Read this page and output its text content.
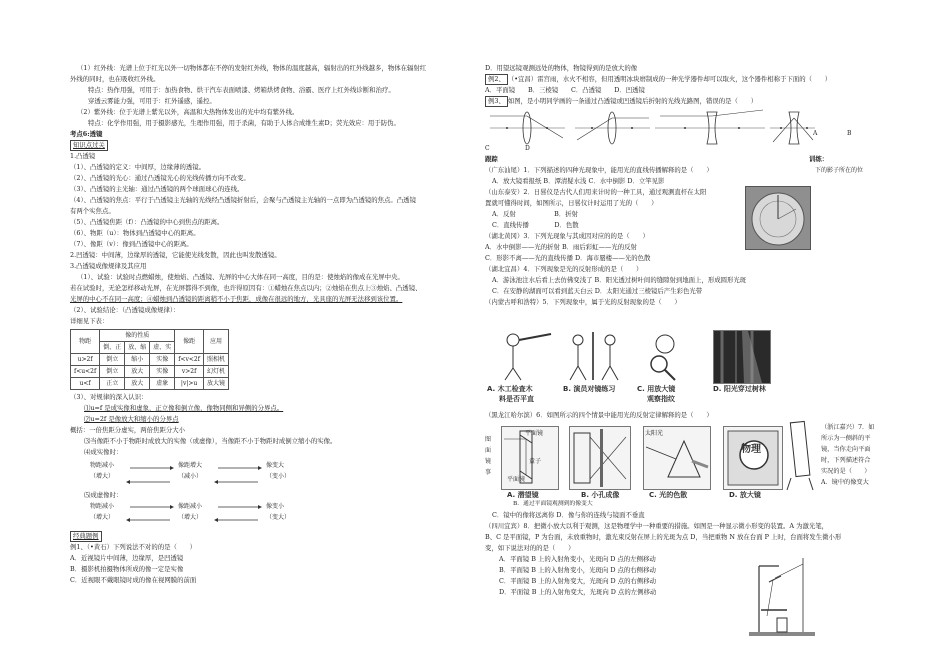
（1）红外线：光谱上位于红光以外一切物体都在不停的发射红外线，物体的温度越高，辐射出的红外线越多，物体在辐射红
外线的同时，也在吸收红外线。
特点：热作用强，可用于：加热食物、烘干汽车表面喷漆、烤箱烘烤食物、浴霸、医疗上红外线诊断和治疗。
穿透云雾能力强，可用于：红外遥感，遥控。
（2）紫外线：位于光谱上紫光以外，高温和大热物体发出的光中均有紫外线。
特点：化学作用强，用于摄影感光，生理作用强，用于杀菌，有助于人体合成维生素D；荧光效应：用于防伪。
考点6:透镜
知识点过关
1.凸透镜
（1）、凸透镜的定义：中间厚，边缘薄的透镜。
（2）、凸透镜的光心：通过凸透镜光心的光线传播方向不改变。
（3）、凸透镜的主光轴：通过凸透镜的两个球面球心的连线。
（4）、凸透镜的焦点：平行于凸透镜主光轴的光线经凸透镜折射后，会聚与凸透镜主光轴的一点即为凸透镜的焦点。凸透镜
有两个实焦点。
（5）、凸透镜焦距（f）：凸透镜的中心到焦点的距离。
（6）、物距（u）：物体到凸透镜中心的距离。
（7）、像距（v）：像到凸透镜中心的距离。
2.凹透镜：中间薄，边缘厚的透镜，它能使光线发散，因此也叫发散透镜。
3.凸透镜成像规律及其应用
（1）、试验：试验时点燃蜡烛，使烛焰、凸透镜、光屏的中心大体在同一高度，目的是：使烛焰的像成在光屏中央。
若在试验时，无论怎样移动光屏，在光屏都得不到像，也许得原因有：①蜡烛在焦点以内；②烛焰在焦点上③烛焰、凸透镜、
光屏的中心不在同一高度；④蜡烛到凸透镜的距离稍不小于焦距，成像在很远的地方，光具座的光屏无法移到该位置。
（2）、试验结论：（凸透镜成像规律）：
详细见下表：
物距	像的性质			像距	应用
	倒、正	放、缩	虚、实		
u>2f	倒立	缩小	实像	f<v<2f	照相机
f<u<2f	倒立	放大	实像	v>2f	幻灯机
u<f	正立	放大	虚象	|v|>u	放大镜
（3）、对规律的深入认识：
⑴u=f 是成实像和虚象，正立像和倒立像，像物同侧和异侧的分界点。
⑵u=2f 是像放大和缩小的分界点
概括：一倍焦距分虚实，两倍焦距分大小
⑶当像距不小于物距时成放大的实像（或虚像），当像距不小于物距时成倒立缩小的实像。
⑷成实像时：
物距减小
（增大）
像距增大
（减小）
像变大
（变小）
⑸成虚像时：
物距减小
（增大）
像距减小
（增大）
像变小
（变大）
经典题例
例1、（•黄石）下列说法不对的的是（　　）
A．近视镜片中间薄，边缘厚，是凹透镜
B．摄影机拍摄物体所成的像一定是实像
C．近视眼不戴眼镜时成的像在视网膜的前面
D．用望远镜观测远处的物体，物镜得到的是放大的像
例2、 （•宜昌）雷宫雨，水火不相容，但用透明冰块磨制成的一种光学器件却可以取火，这个器件相称于下面的（　　）
A．平面镜　　B．三棱镜　　C．凸透镜　　D．凹透镜
例3、 如图，是小明同学画的一条通过凸透镜或凹透镜后折射的光线光路图，错误的是（　　）
A	B
C	D
跟踪	训练：
（广东汕尾）1．下列描述的四种光现象中，能用光的直线传播解释的是（　　）
A．放大镜看报纸 B．潭清疑水浅 C．水中倒影 D．立竿见影
（山东泰安）2．日晷仪是古代人们用来计时的一种工具，通过观测直杆在太阳
置就可懂得时间，如图所示，日晷仪计时运用了光的（　　）
A．反射　　　　　　B．折射
C．直线传播　　　　D．色散
（湖北黄冈）3．下列光现象与其成因对应的的是（　　）
A．水中倒影——光的折射 B．雨后彩虹——光的反射
C．形影不离——光的直线传播 D．海市蜃楼——光的色散
（湖北宜昌）4．下列现象是光的反射形成的是（　　）
A．游泳池注水后看上去仿佛变浅了 B．阳光透过树叶间的缝隙射到地面上，形成圆形光斑
C．在安静的湖面可以看到蓝天白云 D．太阳光通过三棱镜后产生彩色光带
（内蒙古呼和浩特）5．下列现象中，属于光的反射现象的是（　　）
下的影子所在的位
A. 木工检查木
料是否平直
B. 演员对镜练习	C. 用放大镜
观察指纹
D. 阳光穿过树林
（黑龙江哈尔滨）6．如图所示的四个情景中能用光的反射定律解释的是（　　）
图
面
镜
事
平面镜
盒子
平面镜
太阳光
物理
A. 潜望镜	B. 小孔成像	C. 光的色散	D. 放大镜
（浙江嘉兴）7．如
所示为一侧斜的平
镜，当你走向平面
时，下列描述符合
实况的是（　　）
A．镜中的像变大
B．通过平面镜观测到的像变大
C．镜中的像将远离你 D．像与你的连线与镜面不垂直
（四川宜宾）8．把微小放大以利于观测，这是物理学中一种重要的措施。如图是一种显示微小形变的装置。A 为激光笔，
B、C 是平面镜，P 为台面，未放重物时，激光束反射在屏上的光斑为点 D，当把重物 N 放在台面 P 上时，台面将发生微小形
变，如下说法对的的是（　　）
A．平面镜 B 上的入射角变小，光斑向 D 点的左侧移动
B．平面镜 B 上的入射角变小，光斑向 D 点的右侧移动
C．平面镜 B 上的入射角变大，光斑向 D 点的右侧移动
D．平面镜 B 上的入射角变大，光斑向 D 点的左侧移动
